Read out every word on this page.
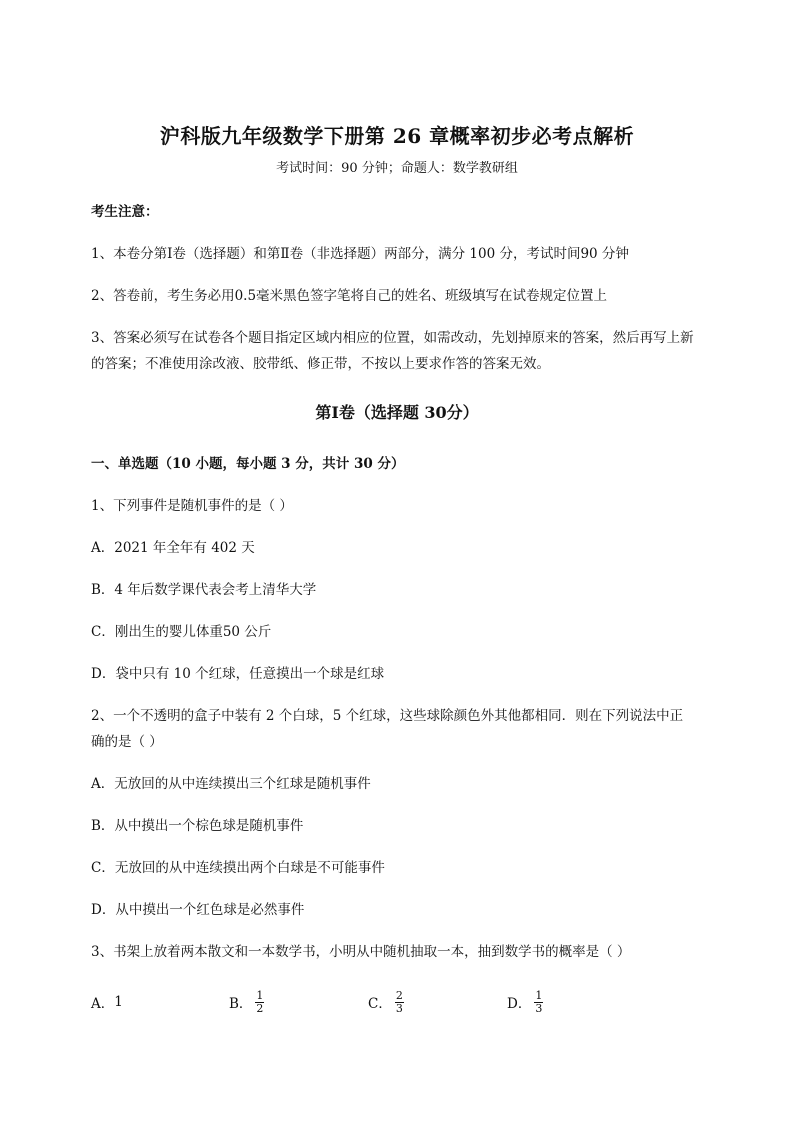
沪科版九年级数学下册第 26 章概率初步必考点解析
考试时间：90 分钟；命题人：数学教研组
考生注意：
1、本卷分第Ⅰ卷（选择题）和第Ⅱ卷（非选择题）两部分，满分 100 分，考试时间90 分钟
2、答卷前，考生务必用0.5毫米黑色签字笔将自己的姓名、班级填写在试卷规定位置上
3、答案必须写在试卷各个题目指定区域内相应的位置，如需改动，先划掉原来的答案，然后再写上新
的答案；不准使用涂改液、胶带纸、修正带，不按以上要求作答的答案无效。
第Ⅰ卷（选择题 30分）
一、单选题（10 小题，每小题 3 分，共计 30 分）
1、下列事件是随机事件的是（ ）
A．2021 年全年有 402 天
B．4 年后数学课代表会考上清华大学
C．刚出生的婴儿体重50 公斤
D．袋中只有 10 个红球，任意摸出一个球是红球
2、一个不透明的盒子中装有 2 个白球，5 个红球，这些球除颜色外其他都相同．则在下列说法中正
确的是（ ）
A．无放回的从中连续摸出三个红球是随机事件
B．从中摸出一个棕色球是随机事件
C．无放回的从中连续摸出两个白球是不可能事件
D．从中摸出一个红色球是必然事件
3、书架上放着两本散文和一本数学书，小明从中随机抽取一本，抽到数学书的概率是（ ）
A． 1	B． $\frac{1}{2}$	C． $\frac{2}{3}$	D． $\frac{1}{3}$
